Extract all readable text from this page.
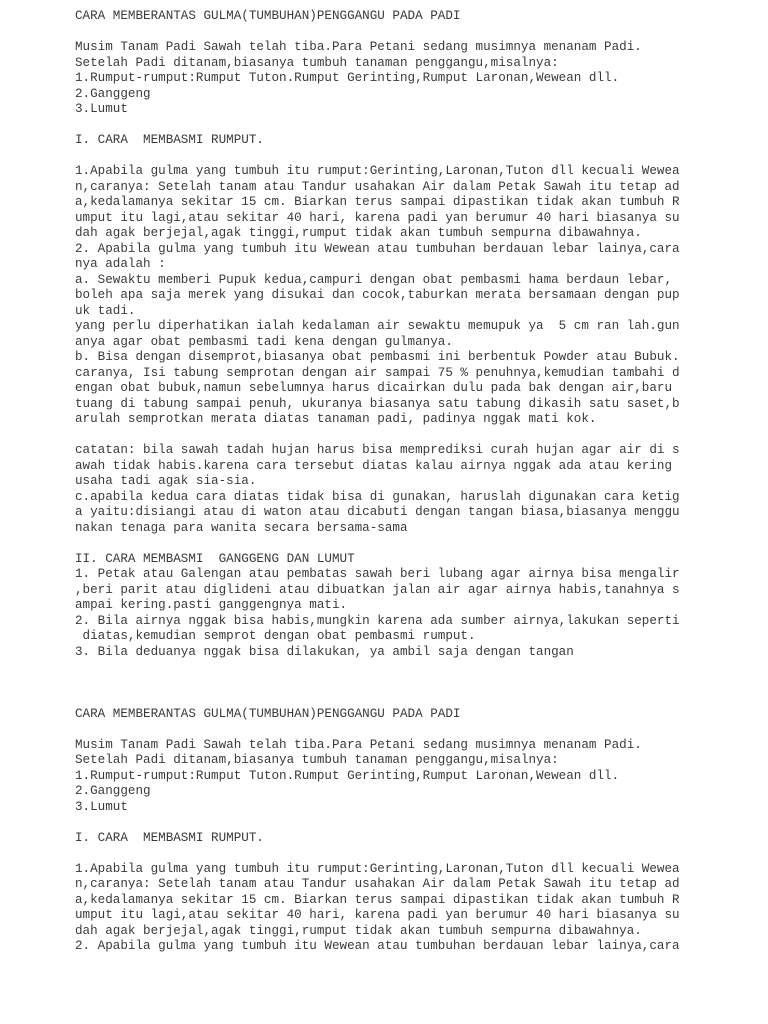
CARA MEMBERANTAS GULMA(TUMBUHAN)PENGGANGU PADA PADI
Musim Tanam Padi Sawah telah tiba.Para Petani sedang musimnya menanam Padi.
Setelah Padi ditanam,biasanya tumbuh tanaman penggangu,misalnya:
1.Rumput-rumput:Rumput Tuton.Rumput Gerinting,Rumput Laronan,Wewean dll.
2.Ganggeng
3.Lumut
I. CARA  MEMBASMI RUMPUT.
1.Apabila gulma yang tumbuh itu rumput:Gerinting,Laronan,Tuton dll kecuali Wewea
n,caranya: Setelah tanam atau Tandur usahakan Air dalam Petak Sawah itu tetap ad
a,kedalamanya sekitar 15 cm. Biarkan terus sampai dipastikan tidak akan tumbuh R
umput itu lagi,atau sekitar 40 hari, karena padi yan berumur 40 hari biasanya su
dah agak berjejal,agak tinggi,rumput tidak akan tumbuh sempurna dibawahnya.
2. Apabila gulma yang tumbuh itu Wewean atau tumbuhan berdauan lebar lainya,cara
nya adalah :
a. Sewaktu memberi Pupuk kedua,campuri dengan obat pembasmi hama berdaun lebar,
boleh apa saja merek yang disukai dan cocok,taburkan merata bersamaan dengan pup
uk tadi.
yang perlu diperhatikan ialah kedalaman air sewaktu memupuk ya  5 cm ran lah.gun
anya agar obat pembasmi tadi kena dengan gulmanya.
b. Bisa dengan disemprot,biasanya obat pembasmi ini berbentuk Powder atau Bubuk.
caranya, Isi tabung semprotan dengan air sampai 75 % penuhnya,kemudian tambahi d
engan obat bubuk,namun sebelumnya harus dicairkan dulu pada bak dengan air,baru
tuang di tabung sampai penuh, ukuranya biasanya satu tabung dikasih satu saset,b
arulah semprotkan merata diatas tanaman padi, padinya nggak mati kok.
catatan: bila sawah tadah hujan harus bisa memprediksi curah hujan agar air di s
awah tidak habis.karena cara tersebut diatas kalau airnya nggak ada atau kering
usaha tadi agak sia-sia.
c.apabila kedua cara diatas tidak bisa di gunakan, haruslah digunakan cara ketig
a yaitu:disiangi atau di waton atau dicabuti dengan tangan biasa,biasanya menggu
nakan tenaga para wanita secara bersama-sama
II. CARA MEMBASMI  GANGGENG DAN LUMUT
1. Petak atau Galengan atau pembatas sawah beri lubang agar airnya bisa mengalir
,beri parit atau diglideni atau dibuatkan jalan air agar airnya habis,tanahnya s
ampai kering.pasti ganggengnya mati.
2. Bila airnya nggak bisa habis,mungkin karena ada sumber airnya,lakukan seperti
diatas,kemudian semprot dengan obat pembasmi rumput.
3. Bila deduanya nggak bisa dilakukan, ya ambil saja dengan tangan
CARA MEMBERANTAS GULMA(TUMBUHAN)PENGGANGU PADA PADI
Musim Tanam Padi Sawah telah tiba.Para Petani sedang musimnya menanam Padi.
Setelah Padi ditanam,biasanya tumbuh tanaman penggangu,misalnya:
1.Rumput-rumput:Rumput Tuton.Rumput Gerinting,Rumput Laronan,Wewean dll.
2.Ganggeng
3.Lumut
I. CARA  MEMBASMI RUMPUT.
1.Apabila gulma yang tumbuh itu rumput:Gerinting,Laronan,Tuton dll kecuali Wewea
n,caranya: Setelah tanam atau Tandur usahakan Air dalam Petak Sawah itu tetap ad
a,kedalamanya sekitar 15 cm. Biarkan terus sampai dipastikan tidak akan tumbuh R
umput itu lagi,atau sekitar 40 hari, karena padi yan berumur 40 hari biasanya su
dah agak berjejal,agak tinggi,rumput tidak akan tumbuh sempurna dibawahnya.
2. Apabila gulma yang tumbuh itu Wewean atau tumbuhan berdauan lebar lainya,cara
